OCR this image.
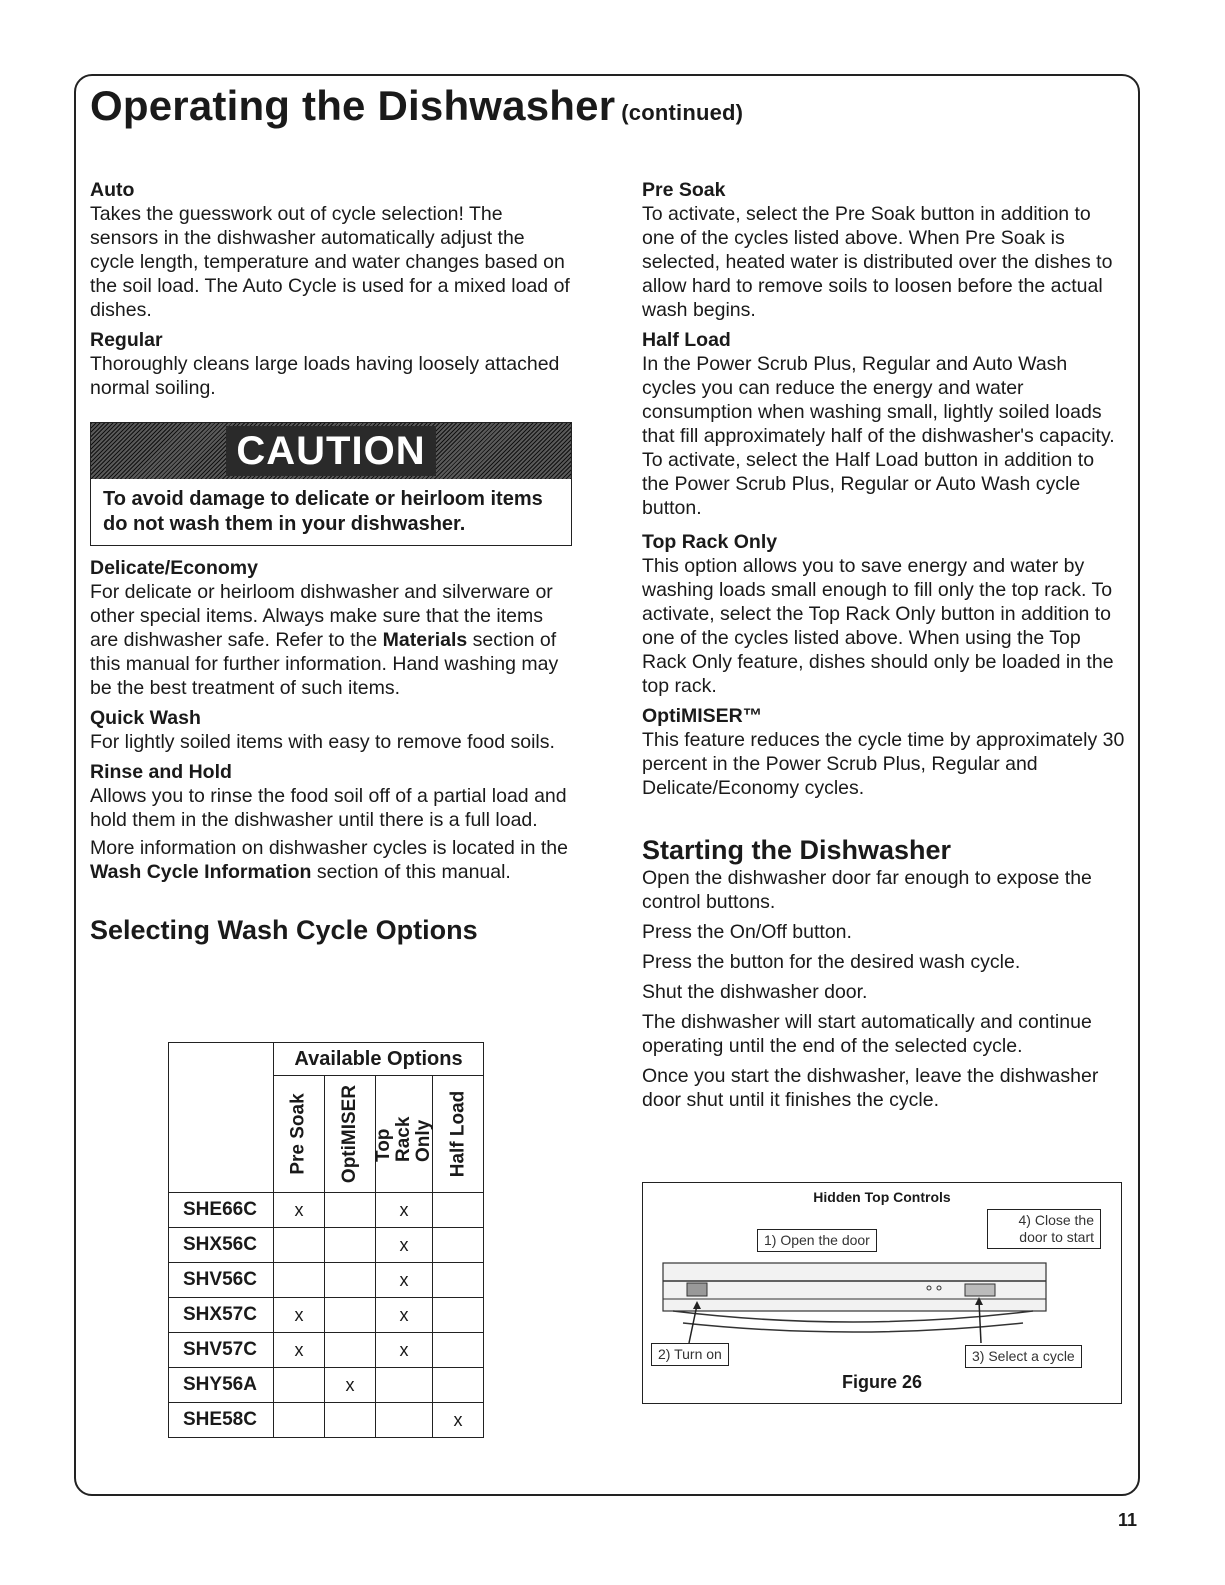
Operating the Dishwasher (continued)

Auto

Takes the guesswork out of cycle selection! The sensors in the dishwasher automatically adjust the cycle length, temperature and water changes based on the soil load. The Auto Cycle is used for a mixed load of dishes.

Regular

Thoroughly cleans large loads having loosely attached normal soiling.

CAUTION
To avoid damage to delicate or heirloom items do not wash them in your dishwasher.

Delicate/Economy

For delicate or heirloom dishwasher and silverware or other special items. Always make sure that the items are dishwasher safe. Refer to the Materials section of this manual for further information. Hand washing may be the best treatment of such items.

Quick Wash

For lightly soiled items with easy to remove food soils.

Rinse and Hold

Allows you to rinse the food soil off of a partial load and hold them in the dishwasher until there is a full load.

More information on dishwasher cycles is located in the Wash Cycle Information section of this manual.

Selecting Wash Cycle Options

	Available Options			

	Pre Soak	OptiMISER	Top Rack Only	Half Load

SHE66C	x		x	
SHX56C			x	
SHV56C			x	
SHX57C	x		x	
SHV57C	x		x	
SHY56A		x		
SHE58C				x

Pre Soak

To activate, select the Pre Soak button in addition to one of the cycles listed above. When Pre Soak is selected, heated water is distributed over the dishes to allow hard to remove soils to loosen before the actual wash begins.

Half Load

In the Power Scrub Plus, Regular and Auto Wash cycles you can reduce the energy and water consumption when washing small, lightly soiled loads that fill approximately half of the dishwasher's capacity. To activate, select the Half Load button in addition to the Power Scrub Plus, Regular or Auto Wash cycle button.

Top Rack Only

This option allows you to save energy and water by washing loads small enough to fill only the top rack. To activate, select the Top Rack Only button in addition to one of the cycles listed above. When using the Top Rack Only feature, dishes should only be loaded in the top rack.

OptiMISER™

This feature reduces the cycle time by approximately 30 percent in the Power Scrub Plus, Regular and Delicate/Economy cycles.

Starting the Dishwasher

Open the dishwasher door far enough to expose the control buttons.

Press the On/Off button.

Press the button for the desired wash cycle.

Shut the dishwasher door.

The dishwasher will start automatically and continue operating until the end of the selected cycle.

Once you start the dishwasher, leave the dishwasher door shut until it finishes the cycle.

Hidden Top Controls
1) Open the door
4) Close the door to start
2) Turn on	3) Select a cycle
Figure 26
11
